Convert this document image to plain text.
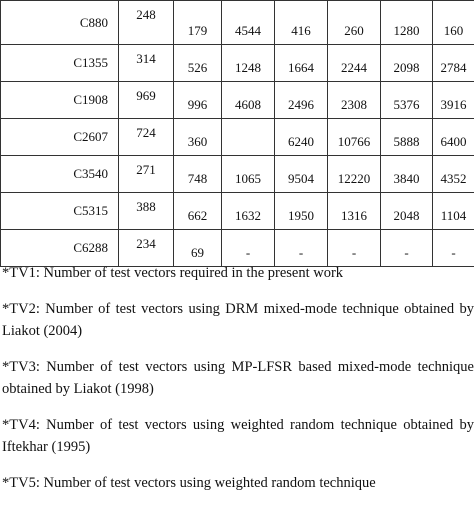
C880	248	179	4544	416	260	1280	160
C1355	314	526	1248	1664	2244	2098	2784
C1908	969	996	4608	2496	2308	5376	3916
C2607	724	360		6240	10766	5888	6400
C3540	271	748	1065	9504	12220	3840	4352
C5315	388	662	1632	1950	1316	2048	1104
C6288	234	69	-	-	-	-	-

*TV1: Number of test vectors required in the present work

*TV2: Number of test vectors using DRM mixed-mode technique obtained by Liakot (2004)

*TV3: Number of test vectors using MP-LFSR based mixed-mode technique obtained by Liakot (1998)

*TV4: Number of test vectors using weighted random technique obtained by Iftekhar (1995)

*TV5: Number of test vectors using weighted random technique
